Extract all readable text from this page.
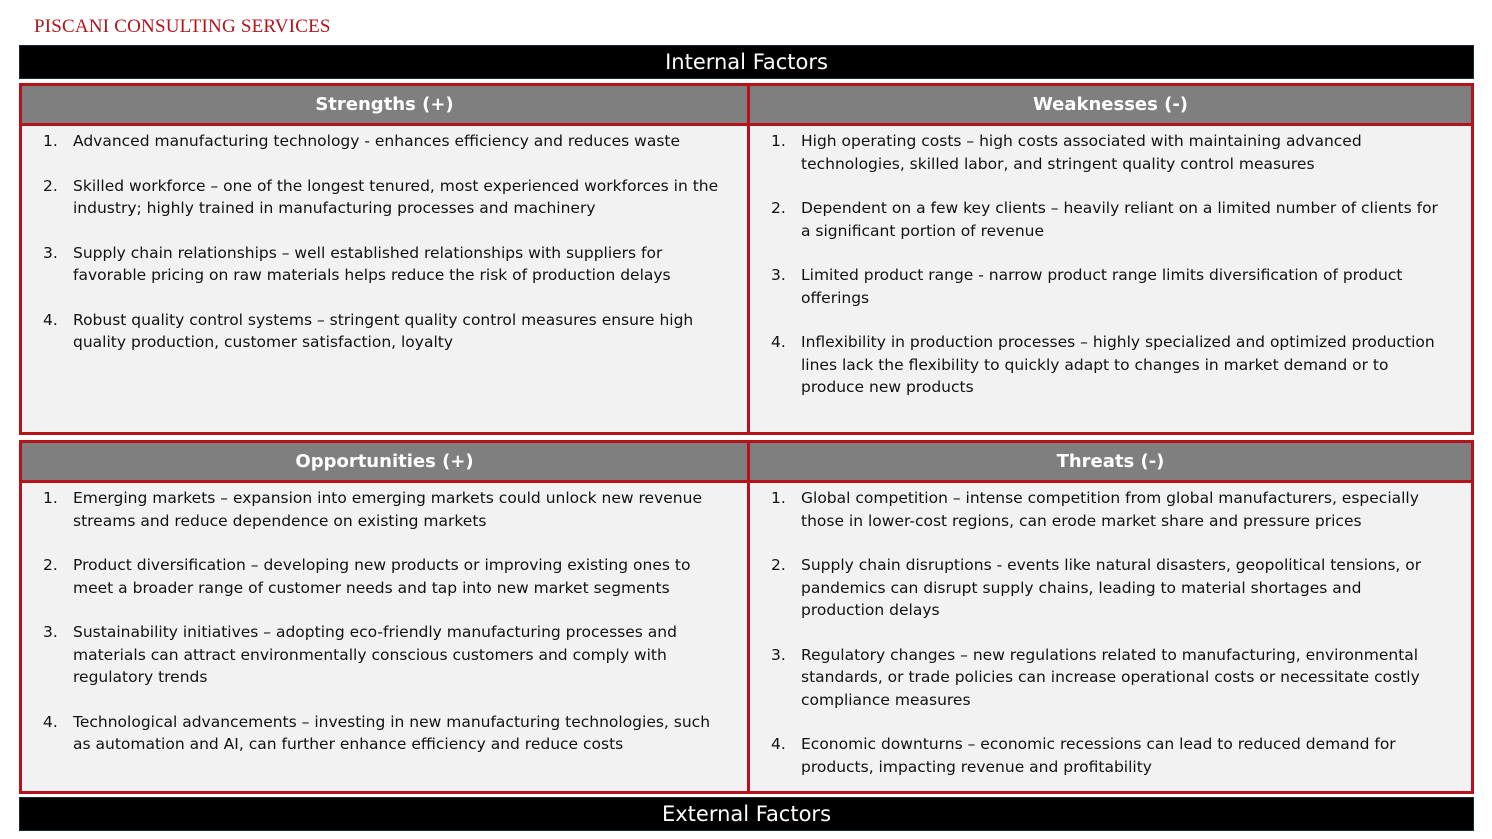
PISCANI CONSULTING SERVICES
Internal Factors
Strengths (+)
1. Advanced manufacturing technology - enhances efficiency and reduces waste
2. Skilled workforce – one of the longest tenured, most experienced workforces in the industry; highly trained in manufacturing processes and machinery
3. Supply chain relationships – well established relationships with suppliers for favorable pricing on raw materials helps reduce the risk of production delays
4. Robust quality control systems – stringent quality control measures ensure high quality production, customer satisfaction, loyalty
Weaknesses (-)
1. High operating costs – high costs associated with maintaining advanced technologies, skilled labor, and stringent quality control measures
2. Dependent on a few key clients – heavily reliant on a limited number of clients for a significant portion of revenue
3. Limited product range - narrow product range limits diversification of product offerings
4. Inflexibility in production processes – highly specialized and optimized production lines lack the flexibility to quickly adapt to changes in market demand or to produce new products
Opportunities (+)
1. Emerging markets – expansion into emerging markets could unlock new revenue streams and reduce dependence on existing markets
2. Product diversification – developing new products or improving existing ones to meet a broader range of customer needs and tap into new market segments
3. Sustainability initiatives – adopting eco-friendly manufacturing processes and materials can attract environmentally conscious customers and comply with regulatory trends
4. Technological advancements – investing in new manufacturing technologies, such as automation and AI, can further enhance efficiency and reduce costs
Threats (-)
1. Global competition – intense competition from global manufacturers, especially those in lower-cost regions, can erode market share and pressure prices
2. Supply chain disruptions - events like natural disasters, geopolitical tensions, or pandemics can disrupt supply chains, leading to material shortages and production delays
3. Regulatory changes – new regulations related to manufacturing, environmental standards, or trade policies can increase operational costs or necessitate costly compliance measures
4. Economic downturns – economic recessions can lead to reduced demand for products, impacting revenue and profitability
External Factors
